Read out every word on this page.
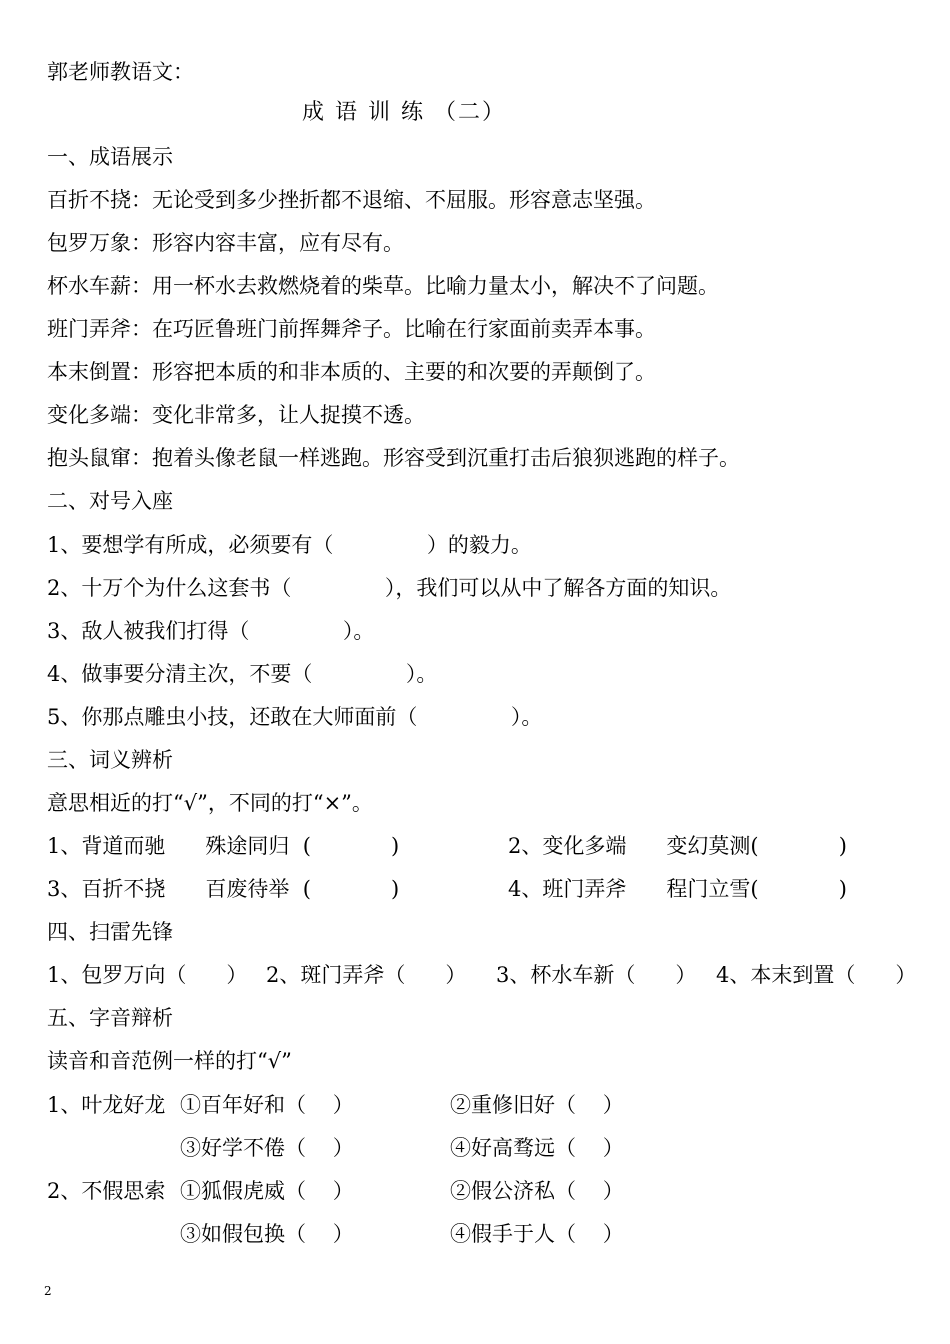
郭老师教语文：

成 语 训 练 （二）

一、成语展示

百折不挠：无论受到多少挫折都不退缩、不屈服。形容意志坚强。

包罗万象：形容内容丰富，应有尽有。

杯水车薪：用一杯水去救燃烧着的柴草。比喻力量太小，解决不了问题。

班门弄斧：在巧匠鲁班门前挥舞斧子。比喻在行家面前卖弄本事。

本末倒置：形容把本质的和非本质的、主要的和次要的弄颠倒了。

变化多端：变化非常多，让人捉摸不透。

抱头鼠窜：抱着头像老鼠一样逃跑。形容受到沉重打击后狼狈逃跑的样子。

二、对号入座

1、要想学有所成，必须要有（              ）的毅力。

2、十万个为什么这套书（              ），我们可以从中了解各方面的知识。

3、敌人被我们打得（              ）。

4、做事要分清主次，不要（              ）。

5、你那点雕虫小技，还敢在大师面前（              ）。

三、词义辨析

意思相近的打“√”，不同的打“×”。

1、背道而驰      殊途同归  (            )	2、变化多端      变幻莫测(            )

3、百折不挠      百废待举  (            )	4、班门弄斧      程门立雪(            )

四、扫雷先锋

1、包罗万向（      ） 2、斑门弄斧（      ） 3、杯水车新（      ） 4、本末到置（      ）

五、字音辩析

读音和音范例一样的打“√”

1、叶龙好龙 ①百年好和（    ）	②重修旧好（    ）

③好学不倦（    ）	④好高骛远（    ）

2、不假思索 ①狐假虎威（    ）	②假公济私（    ）

③如假包换（    ）	④假手于人（    ）

2
